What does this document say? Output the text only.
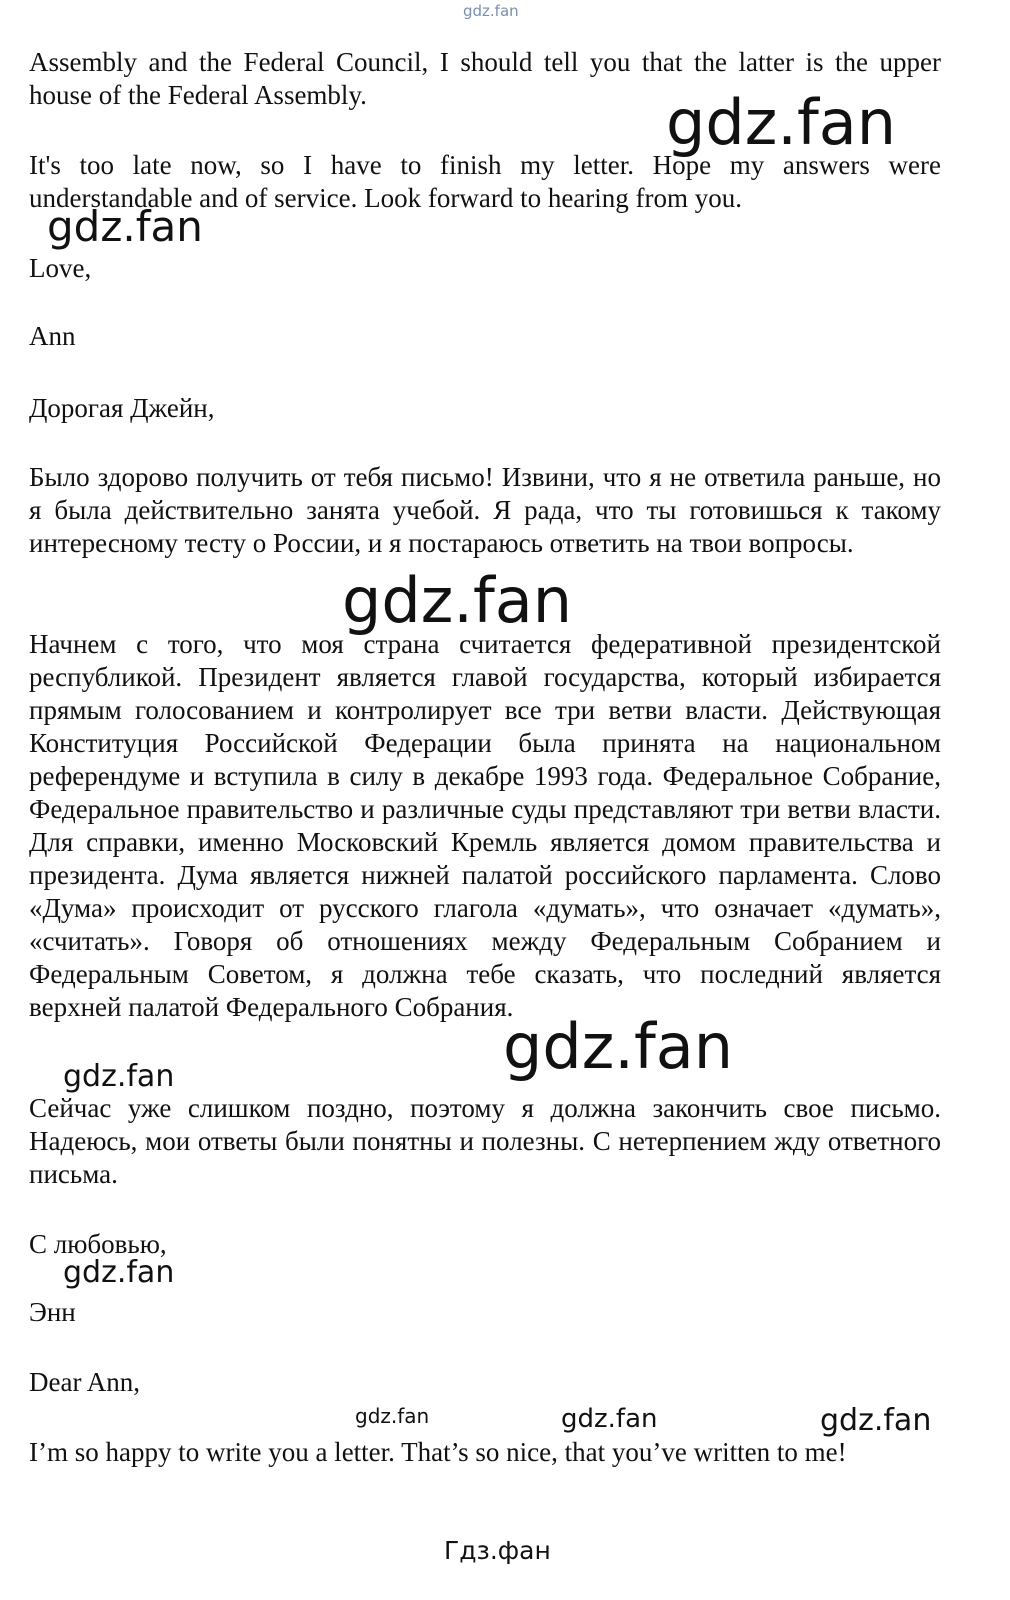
gdz.fan

Assembly and the Federal Council, I should tell you that the latter is the upper house of the Federal Assembly.

It's too late now, so I have to finish my letter. Hope my answers were understandable and of service. Look forward to hearing from you.

Love,

Ann

Дорогая Джейн,

Было здорово получить от тебя письмо! Извини, что я не ответила раньше, но я была действительно занята учебой. Я рада, что ты готовишься к такому интересному тесту о России, и я постараюсь ответить на твои вопросы.

Начнем с того, что моя страна считается федеративной президентской республикой. Президент является главой государства, который избирается прямым голосованием и контролирует все три ветви власти. Действующая Конституция Российской Федерации была принята на национальном референдуме и вступила в силу в декабре 1993 года. Федеральное Собрание, Федеральное правительство и различные суды представляют три ветви власти. Для справки, именно Московский Кремль является домом правительства и президента. Дума является нижней палатой российского парламента. Слово «Дума» происходит от русского глагола «думать», что означает «думать», «считать». Говоря об отношениях между Федеральным Собранием и Федеральным Советом, я должна тебе сказать, что последний является верхней палатой Федерального Собрания.

Сейчас уже слишком поздно, поэтому я должна закончить свое письмо. Надеюсь, мои ответы были понятны и полезны. С нетерпением жду ответного письма.

С любовью,

Энн

Dear Ann,

I’m so happy to write you a letter. That’s so nice, that you’ve written to me!

gdz.fan
gdz.fan
gdz.fan
gdz.fan
gdz.fan
gdz.fan
gdz.fan	gdz.fan	gdz.fan
Гдз.фан
